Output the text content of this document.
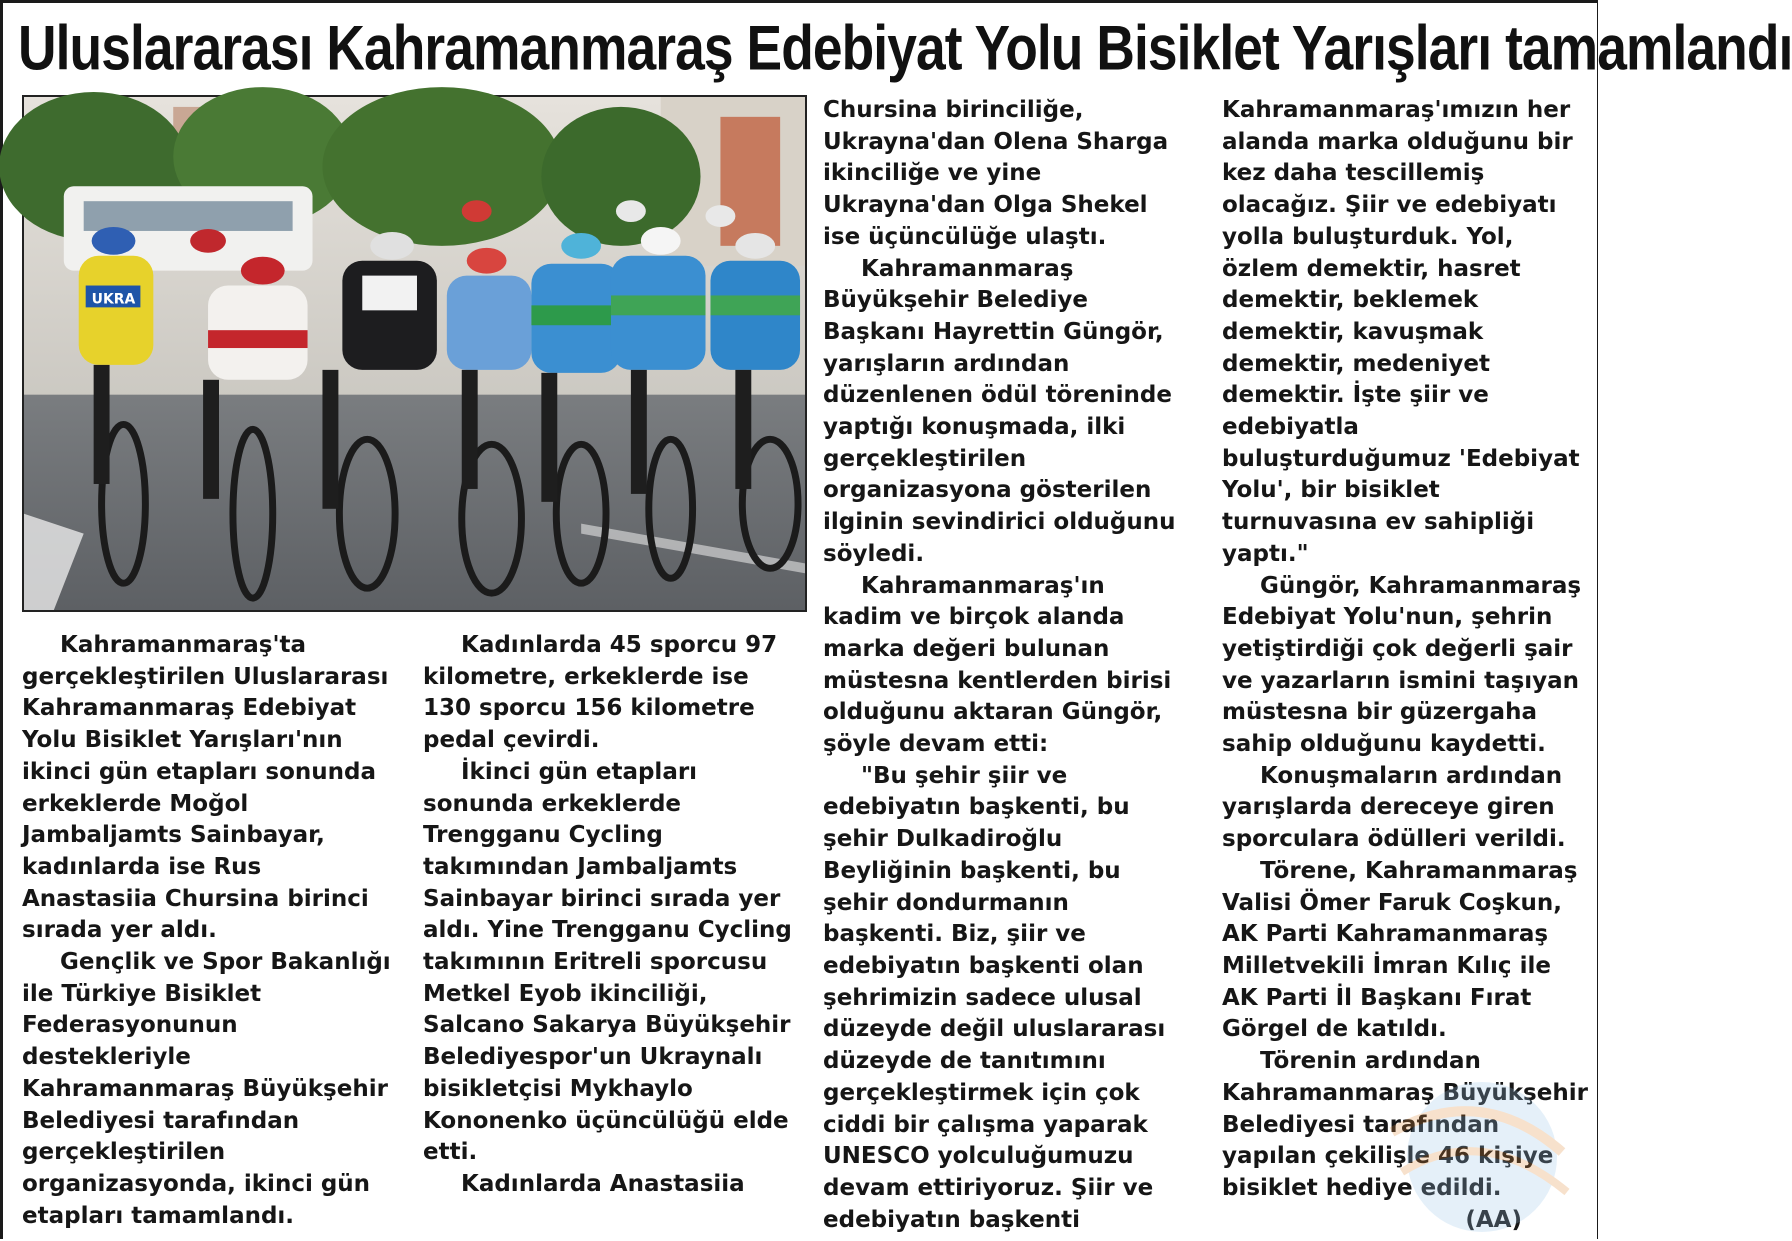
Uluslararası Kahramanmaraş Edebiyat Yolu Bisiklet Yarışları tamamlandı
UKRA

Kahramanmaraş'ta gerçekleştirilen Uluslararası Kahramanmaraş Edebiyat Yolu Bisiklet Yarışları'nın ikinci gün etapları sonunda erkeklerde Moğol Jambaljamts Sainbayar, kadınlarda ise Rus Anastasiia Chursina birinci sırada yer aldı.

Gençlik ve Spor Bakanlığı ile Türkiye Bisiklet Federasyonunun destekleriyle Kahramanmaraş Büyükşehir Belediyesi tarafından gerçekleştirilen organizasyonda, ikinci gün etapları tamamlandı.

Kadınlarda 45 sporcu 97 kilometre, erkeklerde ise 130 sporcu 156 kilometre pedal çevirdi.

İkinci gün etapları sonunda erkeklerde Trengganu Cycling takımından Jambaljamts Sainbayar birinci sırada yer aldı. Yine Trengganu Cycling takımının Eritreli sporcusu Metkel Eyob ikinciliği, Salcano Sakarya Büyükşehir Belediyespor'un Ukraynalı bisikletçisi Mykhaylo Kononenko üçüncülüğü elde etti.

Kadınlarda Anastasiia

Chursina birinciliğe, Ukrayna'dan Olena Sharga ikinciliğe ve yine Ukrayna'dan Olga Shekel ise üçüncülüğe ulaştı.

Kahramanmaraş Büyükşehir Belediye Başkanı Hayrettin Güngör, yarışların ardından düzenlenen ödül töreninde yaptığı konuşmada, ilki gerçekleştirilen organizasyona gösterilen ilginin sevindirici olduğunu söyledi.

Kahramanmaraş'ın kadim ve birçok alanda marka değeri bulunan müstesna kentlerden birisi olduğunu aktaran Güngör, şöyle devam etti:

"Bu şehir şiir ve edebiyatın başkenti, bu şehir Dulkadiroğlu Beyliğinin başkenti, bu şehir dondurmanın başkenti. Biz, şiir ve edebiyatın başkenti olan şehrimizin sadece ulusal düzeyde değil uluslararası düzeyde de tanıtımını gerçekleştirmek için çok ciddi bir çalışma yaparak UNESCO yolculuğumuzu devam ettiriyoruz. Şiir ve edebiyatın başkenti

Kahramanmaraş'ımızın her alanda marka olduğunu bir kez daha tescillemiş olacağız. Şiir ve edebiyatı yolla buluşturduk. Yol, özlem demektir, hasret demektir, beklemek demektir, kavuşmak demektir, medeniyet demektir. İşte şiir ve edebiyatla buluşturduğumuz 'Edebiyat Yolu', bir bisiklet turnuvasına ev sahipliği yaptı."

Güngör, Kahramanmaraş Edebiyat Yolu'nun, şehrin yetiştirdiği çok değerli şair ve yazarların ismini taşıyan müstesna bir güzergaha sahip olduğunu kaydetti.

Konuşmaların ardından yarışlarda dereceye giren sporculara ödülleri verildi.

Törene, Kahramanmaraş Valisi Ömer Faruk Coşkun, AK Parti Kahramanmaraş Milletvekili İmran Kılıç ile AK Parti İl Başkanı Fırat Görgel de katıldı.

Törenin ardından Kahramanmaraş Büyükşehir Belediyesi tarafından yapılan çekilişle 46 kişiye bisiklet hediye edildi.
(AA)
